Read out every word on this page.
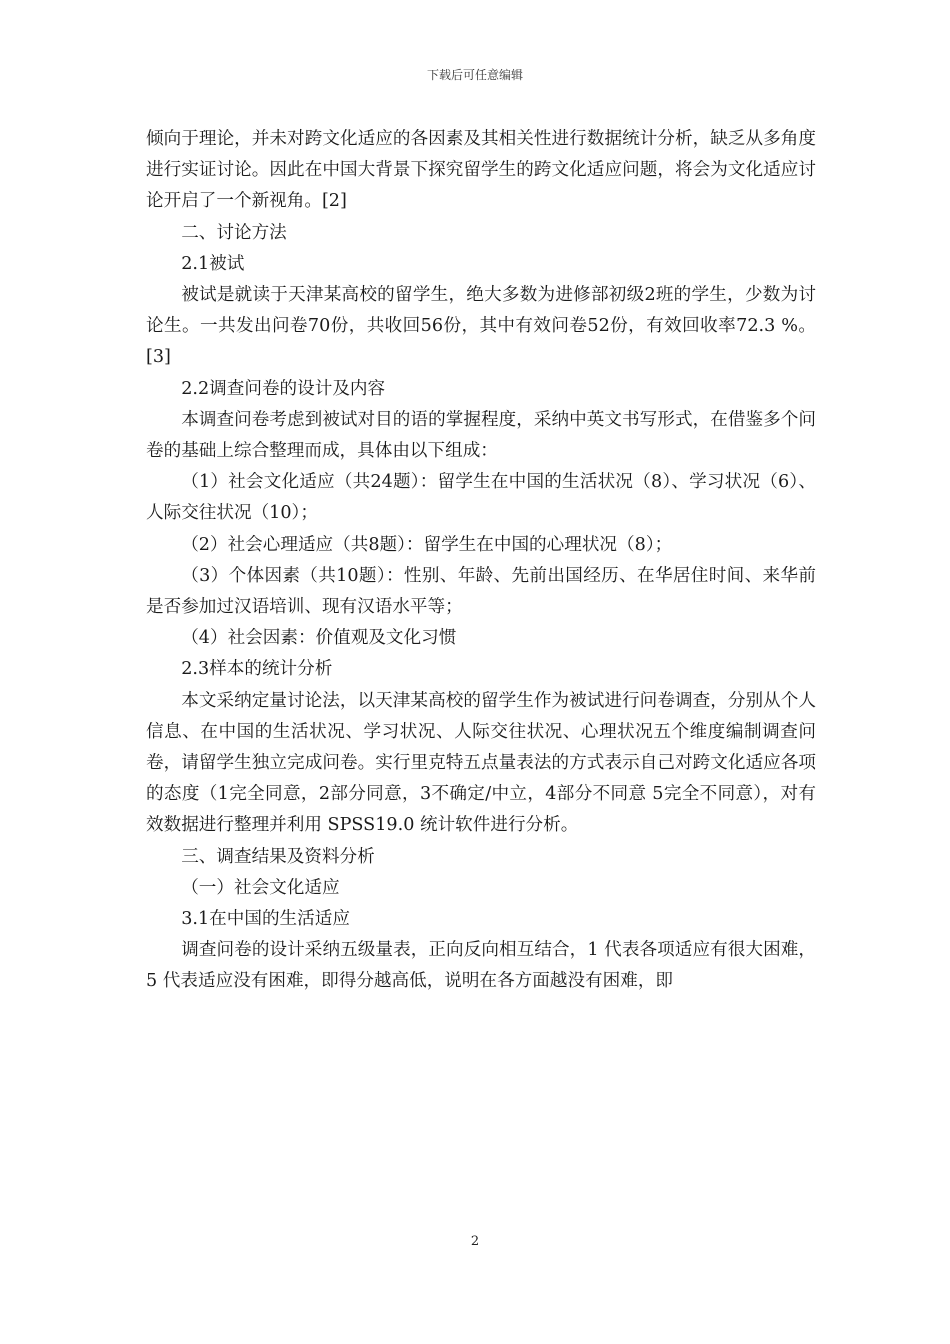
下载后可任意编辑

倾向于理论，并未对跨文化适应的各因素及其相关性进行数据统计分析，缺乏从多角度进行实证讨论。因此在中国大背景下探究留学生的跨文化适应问题，将会为文化适应讨论开启了一个新视角。[2]

二、讨论方法

2.1被试

被试是就读于天津某高校的留学生，绝大多数为进修部初级2班的学生，少数为讨论生。一共发出问卷70份，共收回56份，其中有效问卷52份，有效回收率72.3 %。[3]

2.2调查问卷的设计及内容

本调查问卷考虑到被试对目的语的掌握程度，采纳中英文书写形式，在借鉴多个问卷的基础上综合整理而成，具体由以下组成：

（1）社会文化适应（共24题）：留学生在中国的生活状况（8）、学习状况（6）、人际交往状况（10）；

（2）社会心理适应（共8题）：留学生在中国的心理状况（8）；

（3）个体因素（共10题）：性别、年龄、先前出国经历、在华居住时间、来华前是否参加过汉语培训、现有汉语水平等；

（4）社会因素：价值观及文化习惯

2.3样本的统计分析

本文采纳定量讨论法，以天津某高校的留学生作为被试进行问卷调查，分别从个人信息、在中国的生活状况、学习状况、人际交往状况、心理状况五个维度编制调查问卷，请留学生独立完成问卷。实行里克特五点量表法的方式表示自己对跨文化适应各项的态度（1完全同意，2部分同意，3不确定/中立，4部分不同意 5完全不同意），对有效数据进行整理并利用 SPSS19.0 统计软件进行分析。

三、调查结果及资料分析

（一）社会文化适应

3.1在中国的生活适应

调查问卷的设计采纳五级量表，正向反向相互结合，1 代表各项适应有很大困难，5 代表适应没有困难，即得分越高低，说明在各方面越没有困难，即

2
